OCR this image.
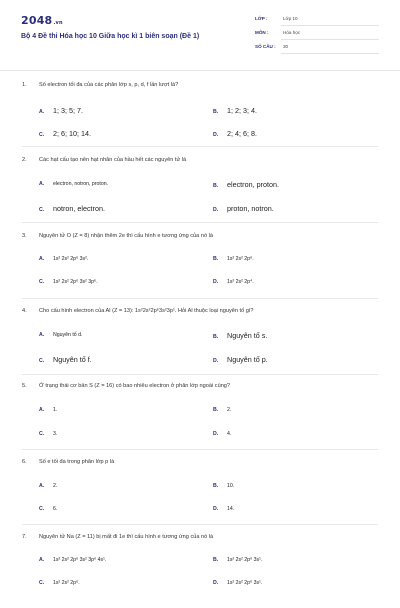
2048.vn
Bộ 4 Đề thi Hóa học 10 Giữa học kì 1 biên soạn (Đề 1)
LỚP :	Lớp 10
MÔN :	Hóa học
SỐ CÂU : 30
1. Số electron tối đa của các phân lớp s, p, d, f lần lượt là?
A. 1; 3; 5; 7.	B. 1; 2; 3; 4.
C. 2; 6; 10; 14.	D. 2; 4; 6; 8.
2. Các hạt cấu tạo nên hạt nhân của hầu hết các nguyên tử là
A. electron, notron, proton.	B. electron, proton.
C. notron, electron.	D. proton, notron.
3. Nguyên tử O (Z = 8) nhận thêm 2e thì cấu hình e tương ứng của nó là
A. 1s² 2s² 2p⁶ 3s².	B. 1s² 2s² 2p⁶.
C. 1s² 2s² 2p⁶ 3s² 3p⁶.	D. 1s² 2s² 2p⁴.
4. Cho cấu hình electron của Al (Z = 13): 1s²2s²2p⁶3s²3p¹. Hỏi Al thuộc loại nguyên tố gì?
A. Nguyên tố d.	B. Nguyên tố s.
C. Nguyên tố f.	D. Nguyên tố p.
5. Ở trạng thái cơ bản S (Z = 16) có bao nhiêu electron ở phân lớp ngoài cùng?
A. 1.	B. 2.
C. 3.	D. 4.
6. Số e tối đa trong phân lớp p là
A. 2.	B. 10.
C. 6.	D. 14.
7. Nguyên tử Na (Z = 11) bị mất đi 1e thì cấu hình e tương ứng của nó là
A. 1s² 2s² 2p⁶ 3s² 3p⁶ 4s¹.	B. 1s² 2s² 2p⁶ 3s¹.
C. 1s² 2s² 2p⁶.	D. 1s² 2s² 2p⁶ 3s¹.
